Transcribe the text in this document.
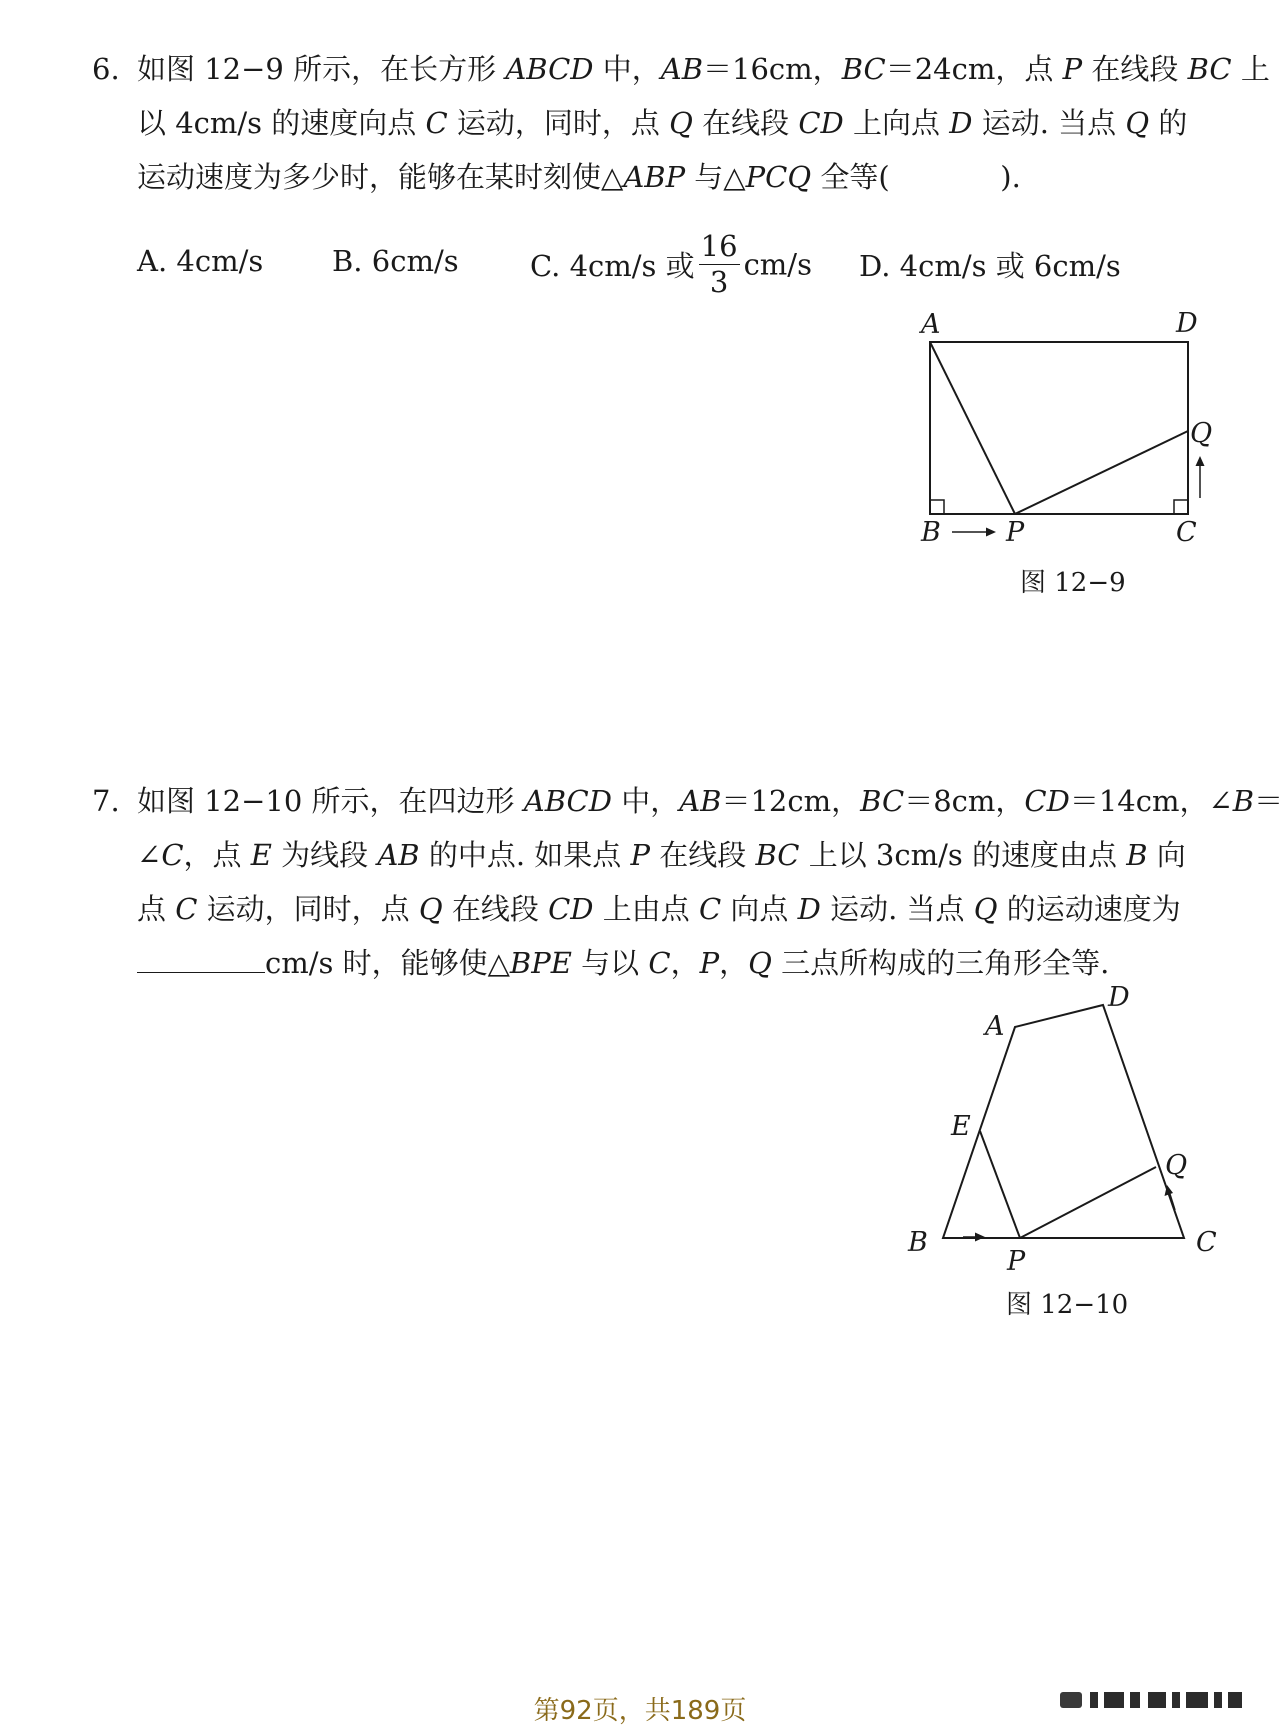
6. 如图 12−9 所示，在长方形 ABCD 中，AB＝16cm，BC＝24cm，点 P 在线段 BC 上
以 4cm/s 的速度向点 C 运动，同时，点 Q 在线段 CD 上向点 D 运动. 当点 Q 的
运动速度为多少时，能够在某时刻使△ABP 与△PCQ 全等(	).
A. 4cm/s B. 6cm/s C. 4cm/s 或 $\frac{16}{3} cm/s$ D. 4cm/s 或 6cm/s
A	D
Q
B P	C
图 12−9
7. 如图 12−10 所示，在四边形 ABCD 中，AB＝12cm，BC＝8cm，CD＝14cm，∠B＝
∠C，点 E 为线段 AB 的中点. 如果点 P 在线段 BC 上以 3cm/s 的速度由点 B 向
点 C 运动，同时，点 Q 在线段 CD 上由点 C 向点 D 运动. 当点 Q 的运动速度为
cm/s 时，能够使△BPE 与以 C，P，Q 三点所构成的三角形全等.
A
D
E
Q
B
P
C
图 12−10
第92页，共189页
